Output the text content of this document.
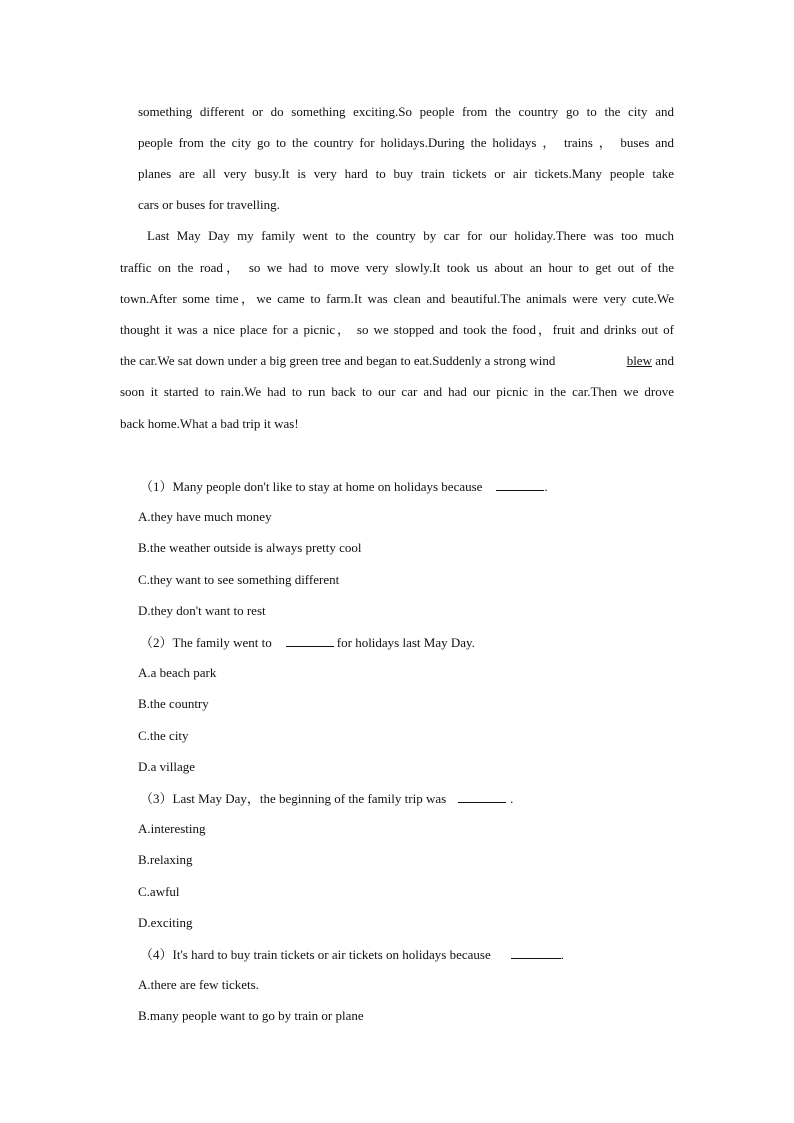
something different or do something exciting.So people from the country go to the city and
people from the city go to the country for holidays.During the holidays ， trains ， buses and
planes are all very busy.It is very hard to buy train tickets or air tickets.Many people take
cars or buses for travelling.
Last May Day my family went to the country by car for our holiday.There was too much
traffic on the road， so we had to move very slowly.It took us about an hour to get out of the
town.After some time，we came to farm.It was clean and beautiful.The animals were very cute.We
thought it was a nice place for a picnic， so we stopped and took the food，fruit and drinks out of
the car.We sat down under a big green tree and began to eat.Suddenly a strong wind	blew and
soon it started to rain.We had to run back to our car and had our picnic in the car.Then we drove
back home.What a bad trip it was!
（1）Many people don't like to stay at home on holidays because	.
A.they have much money
B.the weather outside is always pretty cool
C.they want to see something different
D.they don't want to rest
（2）The family went to	for holidays last May Day.
A.a beach park
B.the country
C.the city
D.a village
（3）Last May Day，the beginning of the family trip was	.
A.interesting
B.relaxing
C.awful
D.exciting
（4）It's hard to buy train tickets or air tickets on holidays because	.
A.there are few tickets.
B.many people want to go by train or plane
